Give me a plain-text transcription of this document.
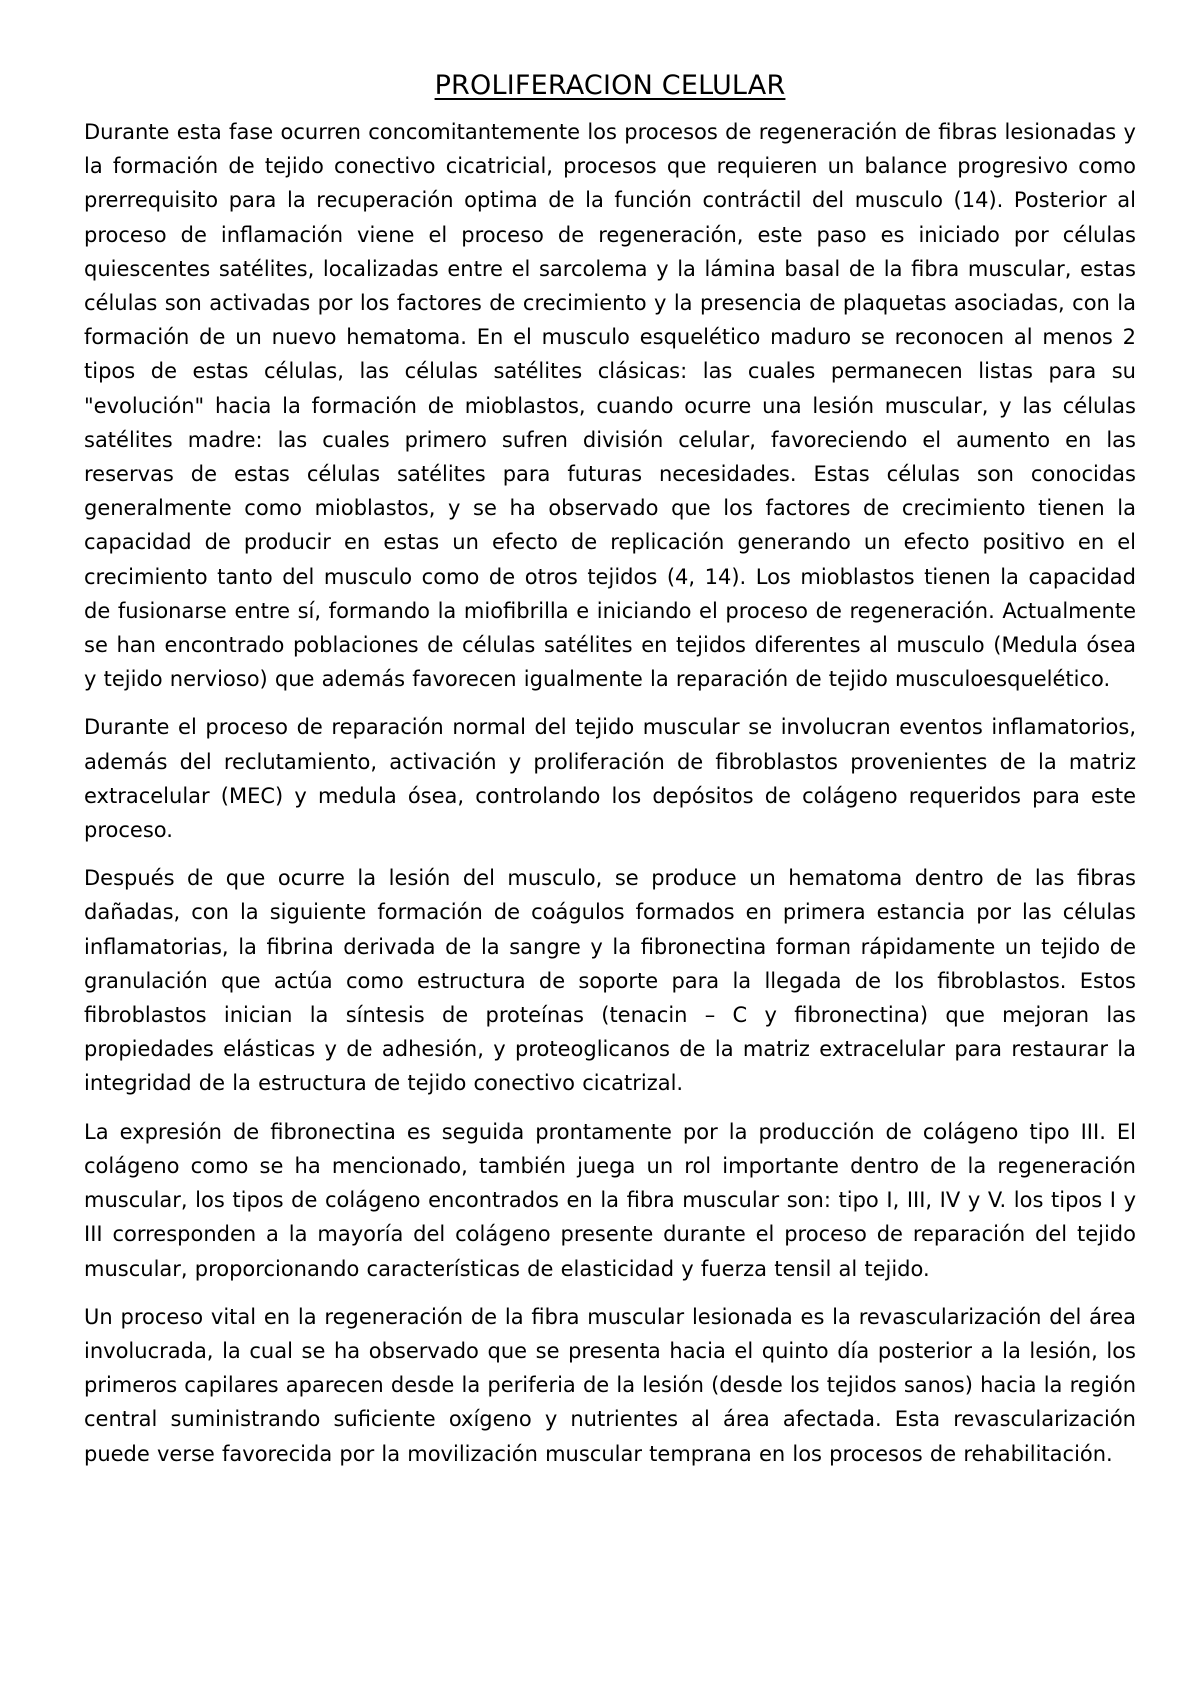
PROLIFERACION CELULAR

Durante esta fase ocurren concomitantemente los procesos de regeneración de fibras lesionadas y la formación de tejido conectivo cicatricial, procesos que requieren un balance progresivo como prerrequisito para la recuperación optima de la función contráctil del musculo (14). Posterior al proceso de inflamación viene el proceso de regeneración, este paso es iniciado por células quiescentes satélites, localizadas entre el sarcolema y la lámina basal de la fibra muscular, estas células son activadas por los factores de crecimiento y la presencia de plaquetas asociadas, con la formación de un nuevo hematoma. En el musculo esquelético maduro se reconocen al menos 2 tipos de estas células, las células satélites clásicas: las cuales permanecen listas para su "evolución" hacia la formación de mioblastos, cuando ocurre una lesión muscular, y las células satélites madre: las cuales primero sufren división celular, favoreciendo el aumento en las reservas de estas células satélites para futuras necesidades. Estas células son conocidas generalmente como mioblastos, y se ha observado que los factores de crecimiento tienen la capacidad de producir en estas un efecto de replicación generando un efecto positivo en el crecimiento tanto del musculo como de otros tejidos (4, 14). Los mioblastos tienen la capacidad de fusionarse entre sí, formando la miofibrilla e iniciando el proceso de regeneración. Actualmente se han encontrado poblaciones de células satélites en tejidos diferentes al musculo (Medula ósea y tejido nervioso) que además favorecen igualmente la reparación de tejido musculoesquelético.

Durante el proceso de reparación normal del tejido muscular se involucran eventos inflamatorios, además del reclutamiento, activación y proliferación de fibroblastos provenientes de la matriz extracelular (MEC) y medula ósea, controlando los depósitos de colágeno requeridos para este proceso.

Después de que ocurre la lesión del musculo, se produce un hematoma dentro de las fibras dañadas, con la siguiente formación de coágulos formados en primera estancia por las células inflamatorias, la fibrina derivada de la sangre y la fibronectina forman rápidamente un tejido de granulación que actúa como estructura de soporte para la llegada de los fibroblastos. Estos fibroblastos inician la síntesis de proteínas (tenacin – C y fibronectina) que mejoran las propiedades elásticas y de adhesión, y proteoglicanos de la matriz extracelular para restaurar la integridad de la estructura de tejido conectivo cicatrizal.

La expresión de fibronectina es seguida prontamente por la producción de colágeno tipo III. El colágeno como se ha mencionado, también juega un rol importante dentro de la regeneración muscular, los tipos de colágeno encontrados en la fibra muscular son: tipo I, III, IV y V. los tipos I y III corresponden a la mayoría del colágeno presente durante el proceso de reparación del tejido muscular, proporcionando características de elasticidad y fuerza tensil al tejido.

Un proceso vital en la regeneración de la fibra muscular lesionada es la revascularización del área involucrada, la cual se ha observado que se presenta hacia el quinto día posterior a la lesión, los primeros capilares aparecen desde la periferia de la lesión (desde los tejidos sanos) hacia la región central suministrando suficiente oxígeno y nutrientes al área afectada. Esta revascularización puede verse favorecida por la movilización muscular temprana en los procesos de rehabilitación.
